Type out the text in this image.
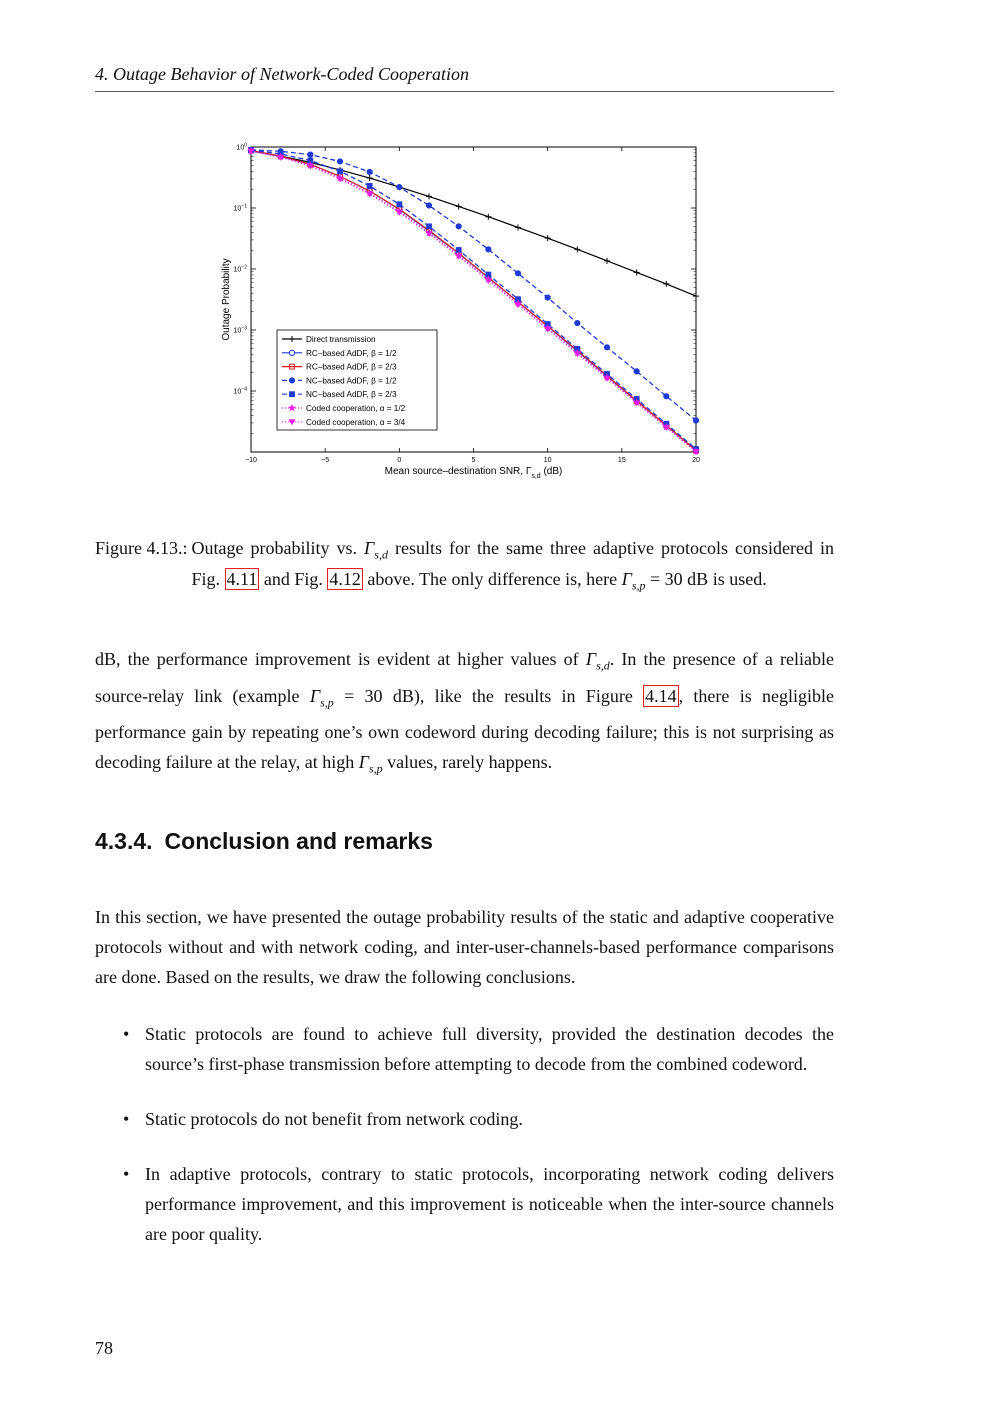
4. Outage Behavior of Network-Coded Cooperation
−10	−5	0	5	10	15	20
$10^0$
$10^{-1}$
$10^{-2}$
$10^{-3}$
$10^{-4}$
Mean source–destination SNR, $\Gamma_{s,d}$ (dB)
Outage Probability	Direct transmission
RC–based AdDF, β = 1/2
RC–based AdDF, β = 2/3
NC–based AdDF, β = 1/2
NC–based AdDF, β = 2/3
Coded cooperation, α = 1/2
Coded cooperation, α = 3/4
Figure 4.13.: Outage probability vs. $\Gamma_{s,d}$ results for the same three adaptive protocols considered in Fig. 4.11 and Fig. 4.12 above. The only difference is, here $\Gamma_{s,p} = 30$ dB is used.
dB, the performance improvement is evident at higher values of $\Gamma_{s,d}$. In the presence of a reliable source-relay link (example $\Gamma_{s,p} = 30$ dB), like the results in Figure 4.14 , there is negligible performance gain by repeating one’s own codeword during decoding failure; this is not surprising as decoding failure at the relay, at high $\Gamma_{s,p}$ values, rarely happens.
4.3.4. Conclusion and remarks
In this section, we have presented the outage probability results of the static and adaptive cooperative protocols without and with network coding, and inter-user-channels-based performance comparisons are done. Based on the results, we draw the following conclusions.
• Static protocols are found to achieve full diversity, provided the destination decodes the source’s first-phase transmission before attempting to decode from the combined codeword.
• Static protocols do not benefit from network coding.
• In adaptive protocols, contrary to static protocols, incorporating network coding delivers performance improvement, and this improvement is noticeable when the inter-source channels are poor quality.
78
